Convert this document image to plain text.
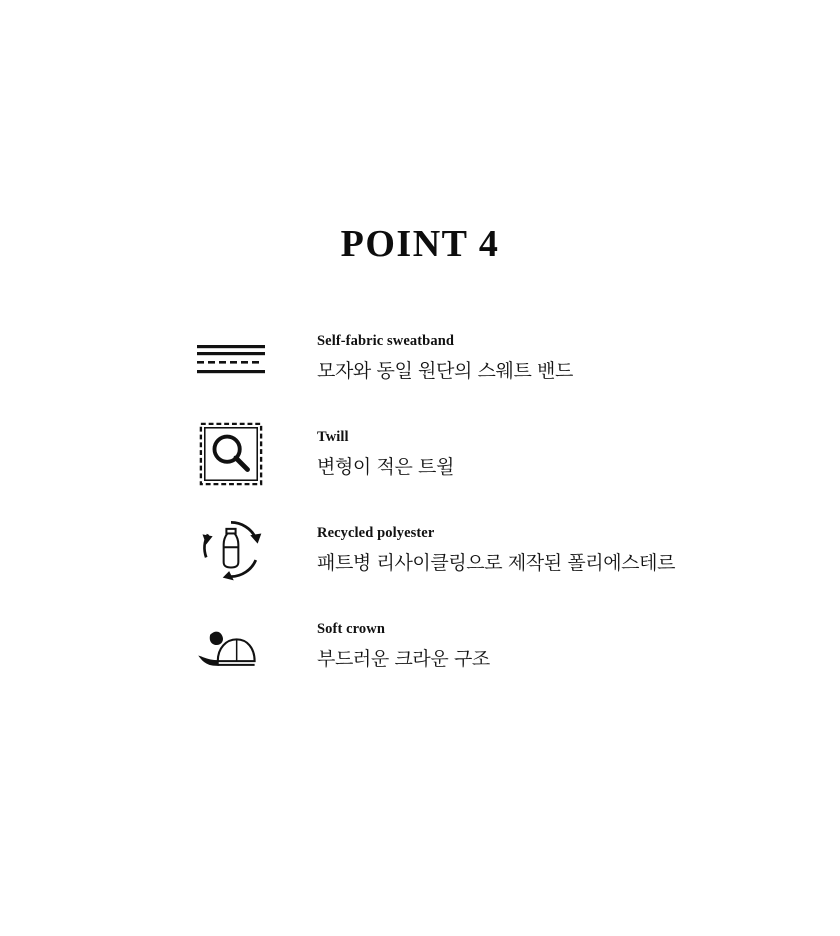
POINT 4
Self-fabric sweatband
모자와 동일 원단의 스웨트 밴드
Twill
변형이 적은 트윌
Recycled polyester
패트병 리사이클링으로 제작된 폴리에스테르
Soft crown
부드러운 크라운 구조
